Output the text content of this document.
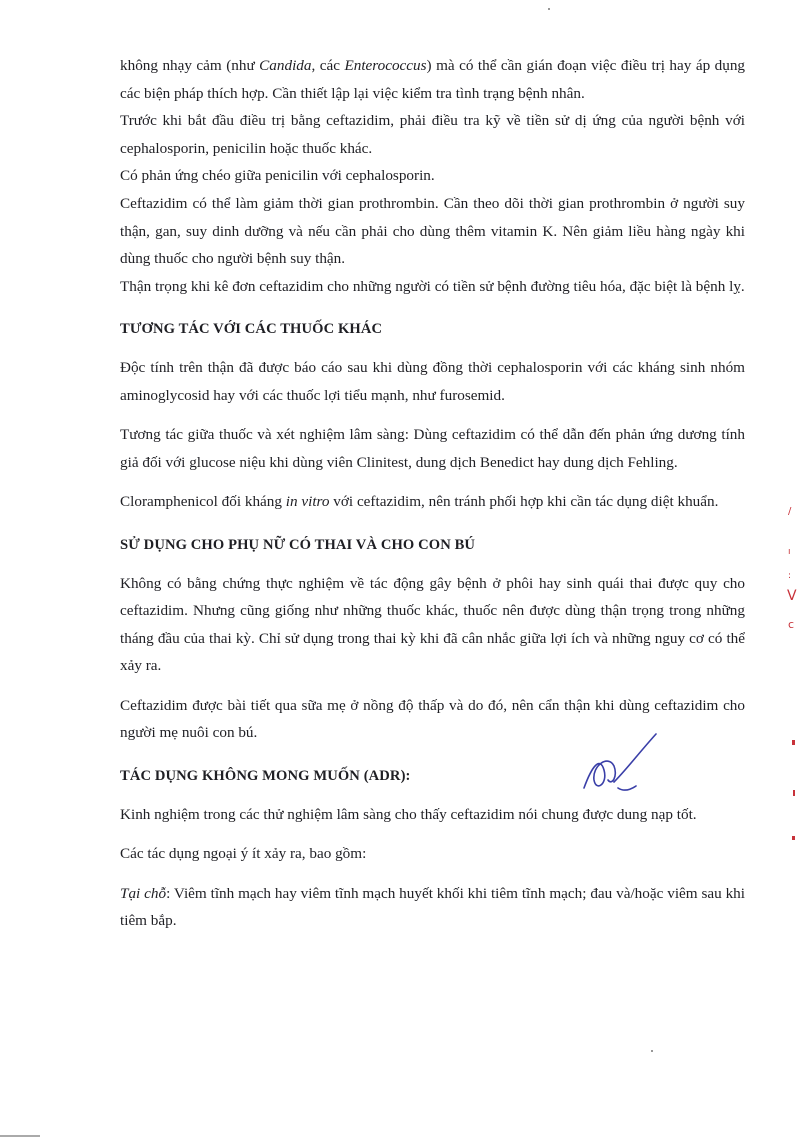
không nhạy cảm (như Candida, các Enterococcus) mà có thể cần gián đoạn việc điều trị hay áp dụng các biện pháp thích hợp. Cần thiết lập lại việc kiểm tra tình trạng bệnh nhân.

Trước khi bắt đầu điều trị bằng ceftazidim, phải điều tra kỹ về tiền sử dị ứng của người bệnh với cephalosporin, penicilin hoặc thuốc khác.

Có phản ứng chéo giữa penicilin với cephalosporin.

Ceftazidim có thể làm giảm thời gian prothrombin. Cần theo dõi thời gian prothrombin ở người suy thận, gan, suy dinh dưỡng và nếu cần phải cho dùng thêm vitamin K. Nên giảm liều hàng ngày khi dùng thuốc cho người bệnh suy thận.

Thận trọng khi kê đơn ceftazidim cho những người có tiền sử bệnh đường tiêu hóa, đặc biệt là bệnh lỵ.

TƯƠNG TÁC VỚI CÁC THUỐC KHÁC

Độc tính trên thận đã được báo cáo sau khi dùng đồng thời cephalosporin với các kháng sinh nhóm aminoglycosid hay với các thuốc lợi tiểu mạnh, như furosemid.

Tương tác giữa thuốc và xét nghiệm lâm sàng: Dùng ceftazidim có thể dẫn đến phản ứng dương tính giả đối với glucose niệu khi dùng viên Clinitest, dung dịch Benedict hay dung dịch Fehling.

Cloramphenicol đối kháng in vitro với ceftazidim, nên tránh phối hợp khi cần tác dụng diệt khuẩn.

SỬ DỤNG CHO PHỤ NỮ CÓ THAI VÀ CHO CON BÚ

Không có bằng chứng thực nghiệm về tác động gây bệnh ở phôi hay sinh quái thai được quy cho ceftazidim. Nhưng cũng giống như những thuốc khác, thuốc nên được dùng thận trọng trong những tháng đầu của thai kỳ. Chỉ sử dụng trong thai kỳ khi đã cân nhắc giữa lợi ích và những nguy cơ có thể xảy ra.

Ceftazidim được bài tiết qua sữa mẹ ở nồng độ thấp và do đó, nên cẩn thận khi dùng ceftazidim cho người mẹ nuôi con bú.

TÁC DỤNG KHÔNG MONG MUỐN (ADR):

Kinh nghiệm trong các thử nghiệm lâm sàng cho thấy ceftazidim nói chung được dung nạp tốt.

Các tác dụng ngoại ý ít xảy ra, bao gồm:

Tại chỗ: Viêm tĩnh mạch hay viêm tĩnh mạch huyết khối khi tiêm tĩnh mạch; đau và/hoặc viêm sau khi tiêm bắp.

/
ı
:
V
c
